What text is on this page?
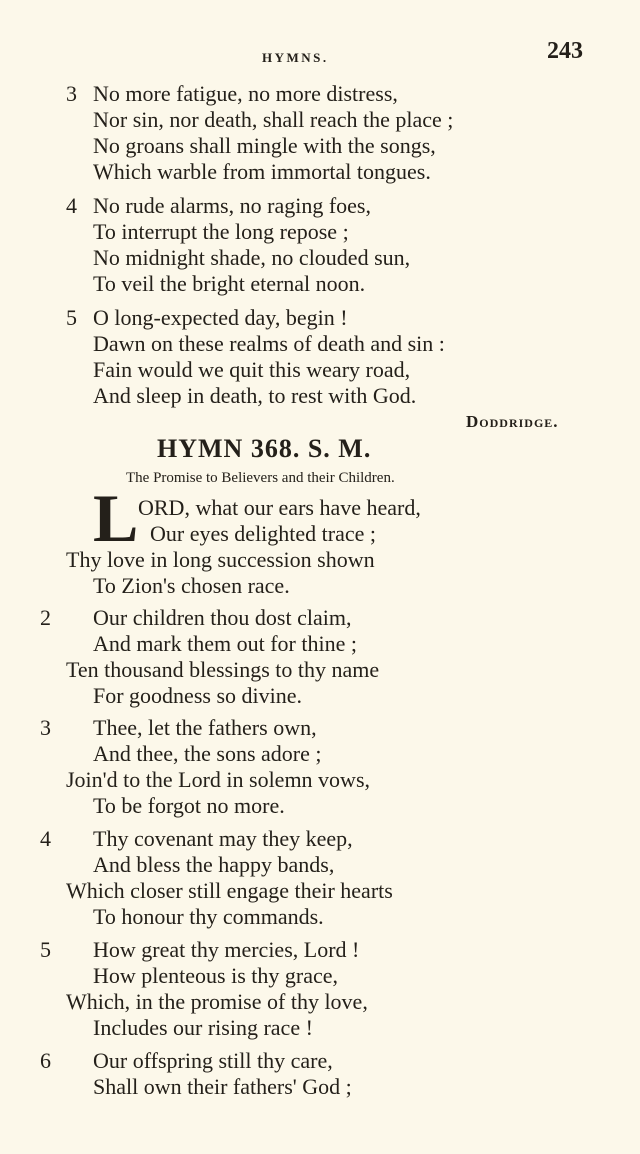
HYMNS.	243
3 No more fatigue, no more distress,
Nor sin, nor death, shall reach the place ;
No groans shall mingle with the songs,
Which warble from immortal tongues.
4 No rude alarms, no raging foes,
To interrupt the long repose ;
No midnight shade, no clouded sun,
To veil the bright eternal noon.
5 O long-expected day, begin !
Dawn on these realms of death and sin :
Fain would we quit this weary road,
And sleep in death, to rest with God.
Doddridge.
HYMN 368. S. M.
The Promise to Believers and their Children.
L ORD, what our ears have heard,
Our eyes delighted trace ;
Thy love in long succession shown
To Zion's chosen race.
2 Our children thou dost claim,
And mark them out for thine ;
Ten thousand blessings to thy name
For goodness so divine.
3 Thee, let the fathers own,
And thee, the sons adore ;
Join'd to the Lord in solemn vows,
To be forgot no more.
4 Thy covenant may they keep,
And bless the happy bands,
Which closer still engage their hearts
To honour thy commands.
5 How great thy mercies, Lord !
How plenteous is thy grace,
Which, in the promise of thy love,
Includes our rising race !
6 Our offspring still thy care,
Shall own their fathers' God ;
